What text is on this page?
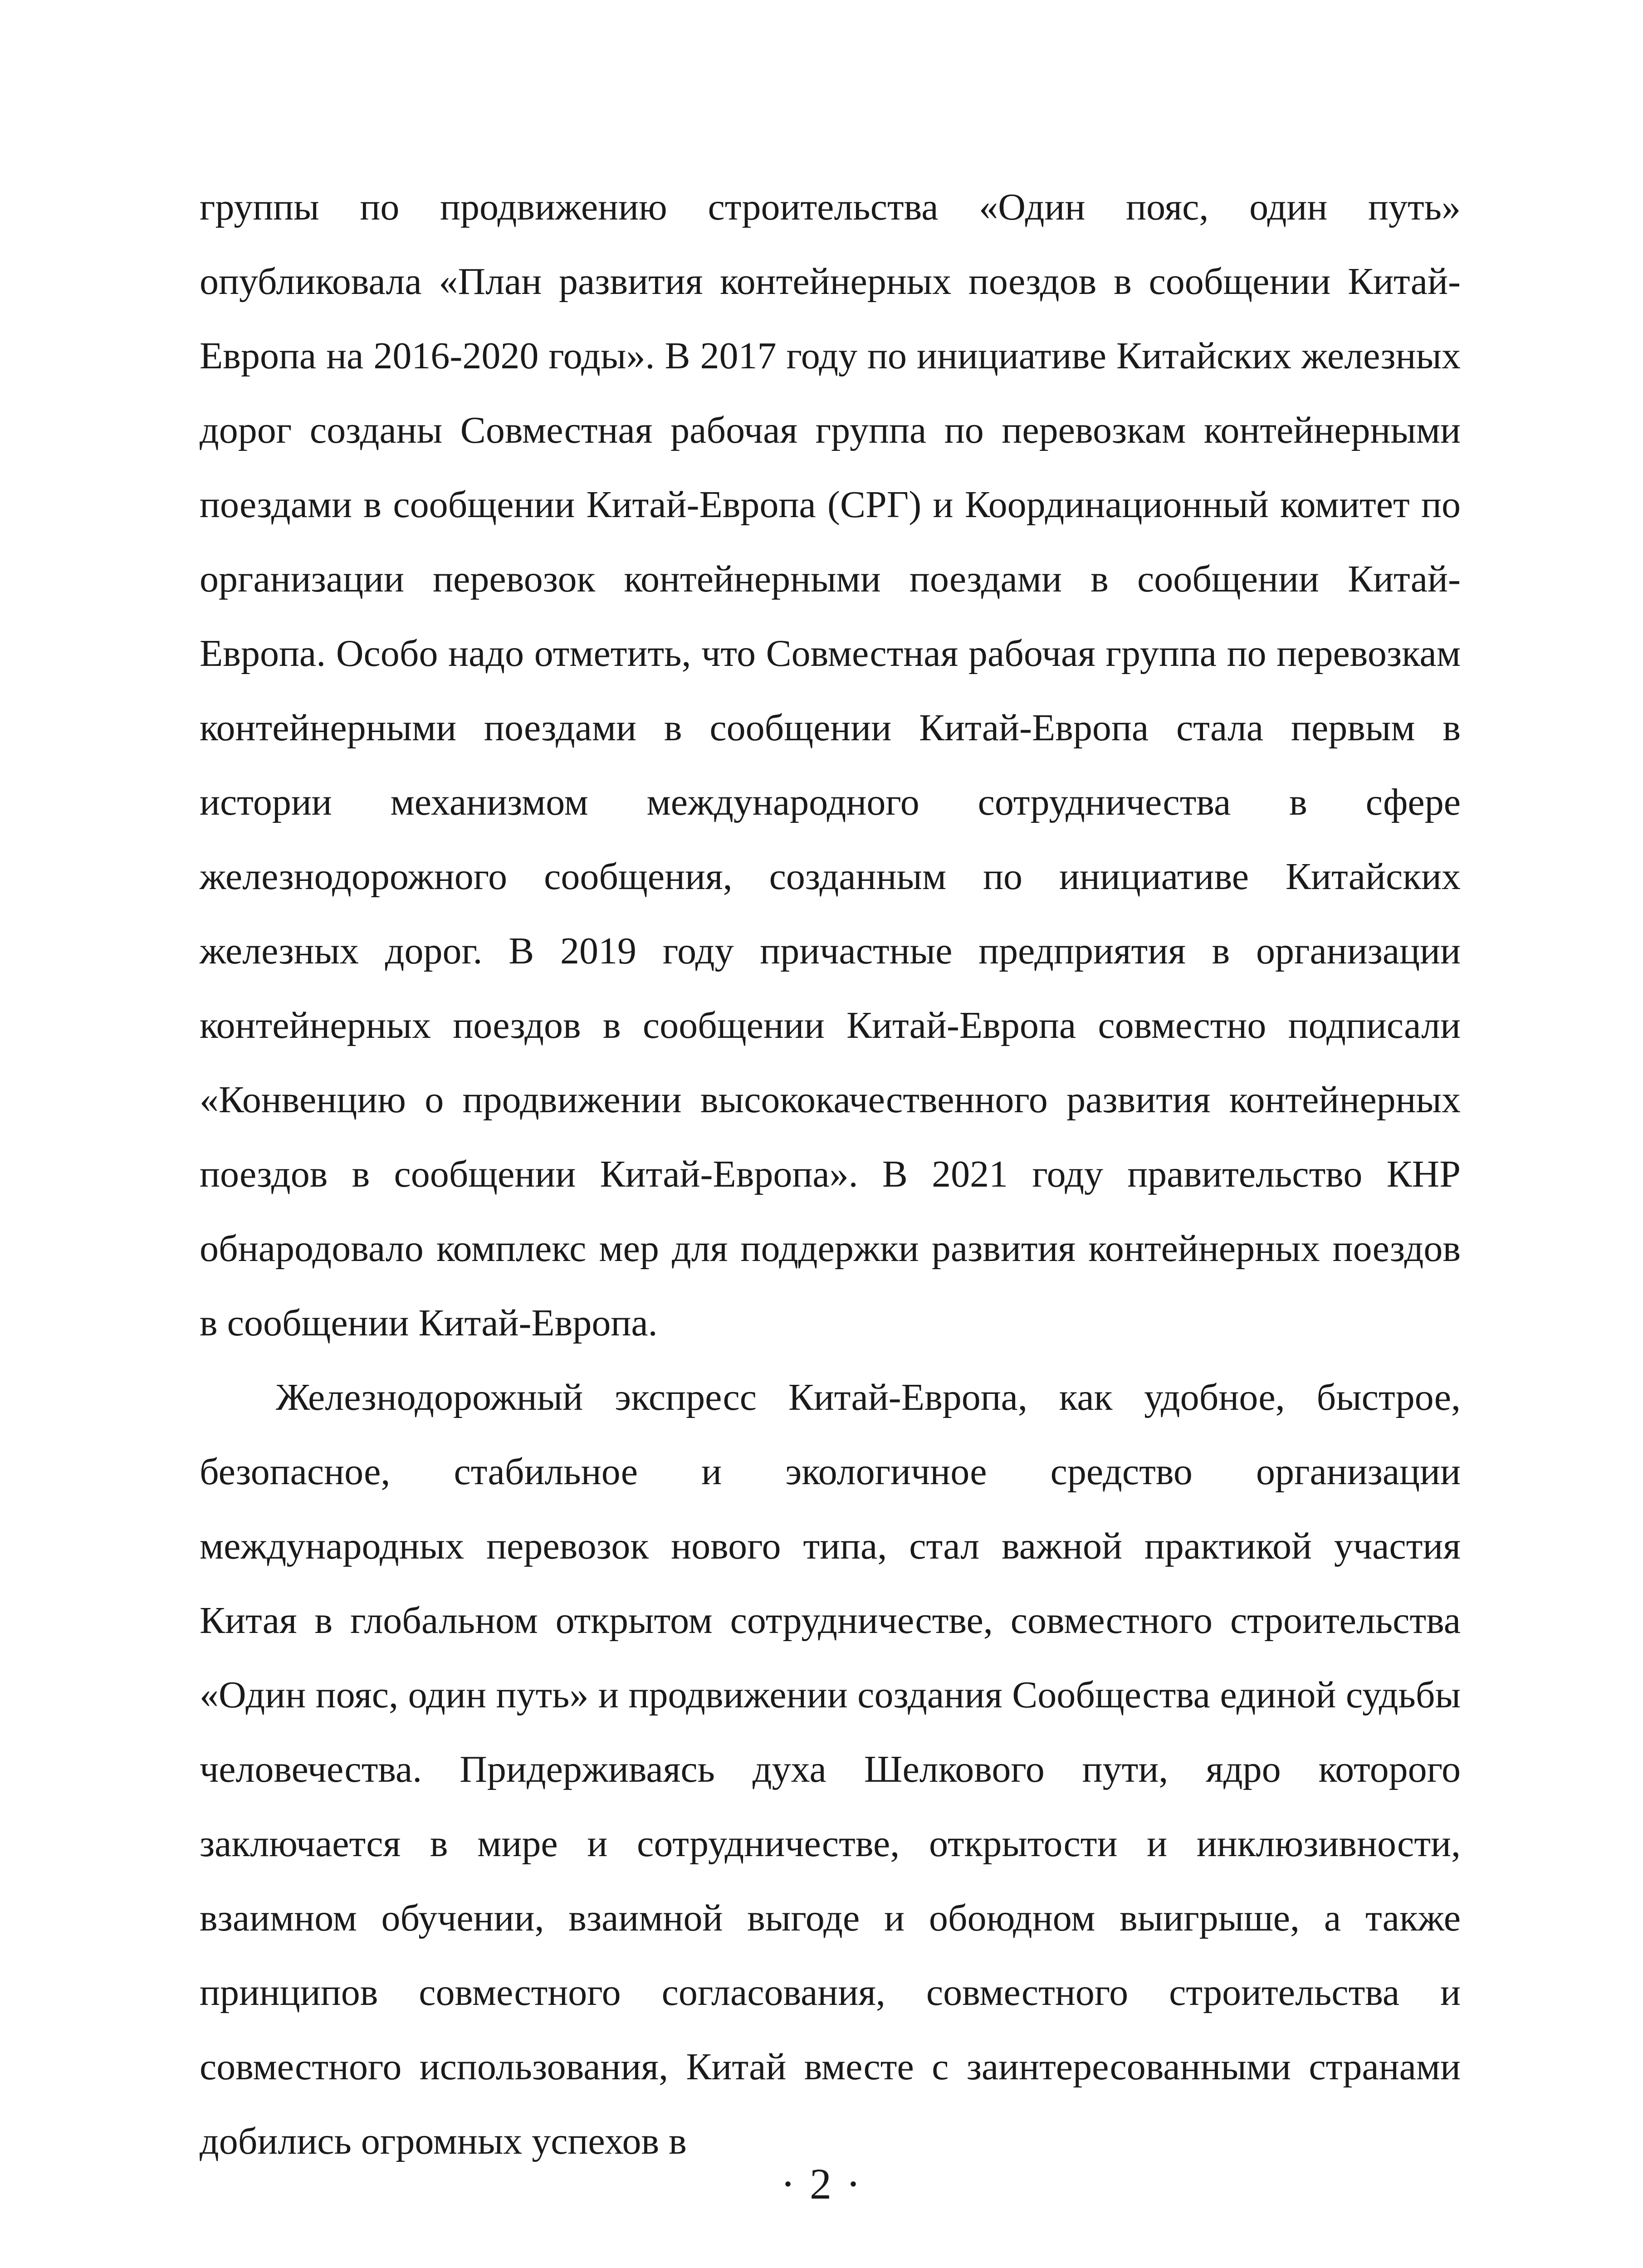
группы по продвижению строительства «Один пояс, один путь» опубликовала «План развития контейнерных поездов в сообщении Китай-Европа на 2016-2020 годы». В 2017 году по инициативе Китайских железных дорог созданы Совместная рабочая группа по перевозкам контейнерными поездами в сообщении Китай-Европа (СРГ) и Координационный комитет по организации перевозок контейнерными поездами в сообщении Китай-Европа. Особо надо отметить, что Совместная рабочая группа по перевозкам контейнерными поездами в сообщении Китай-Европа стала первым в истории механизмом международного сотрудничества в сфере железнодорожного сообщения, созданным по инициативе Китайских железных дорог. В 2019 году причастные предприятия в организации контейнерных поездов в сообщении Китай-Европа совместно подписали «Конвенцию о продвижении высококачественного развития контейнерных поездов в сообщении Китай-Европа». В 2021 году правительство КНР обнародовало комплекс мер для поддержки развития контейнерных поездов в сообщении Китай-Европа.

Железнодорожный экспресс Китай-Европа, как удобное, быстрое, безопасное, стабильное и экологичное средство организации международных перевозок нового типа, стал важной практикой участия Китая в глобальном открытом сотрудничестве, совместного строительства «Один пояс, один путь» и продвижении создания Сообщества единой судьбы человечества. Придерживаясь духа Шелкового пути, ядро которого заключается в мире и сотрудничестве, открытости и инклюзивности, взаимном обучении, взаимной выгоде и обоюдном выигрыше, а также принципов совместного согласования, совместного строительства и совместного использования, Китай вместе с заинтересованными странами добились огромных успехов в

· 2 ·
